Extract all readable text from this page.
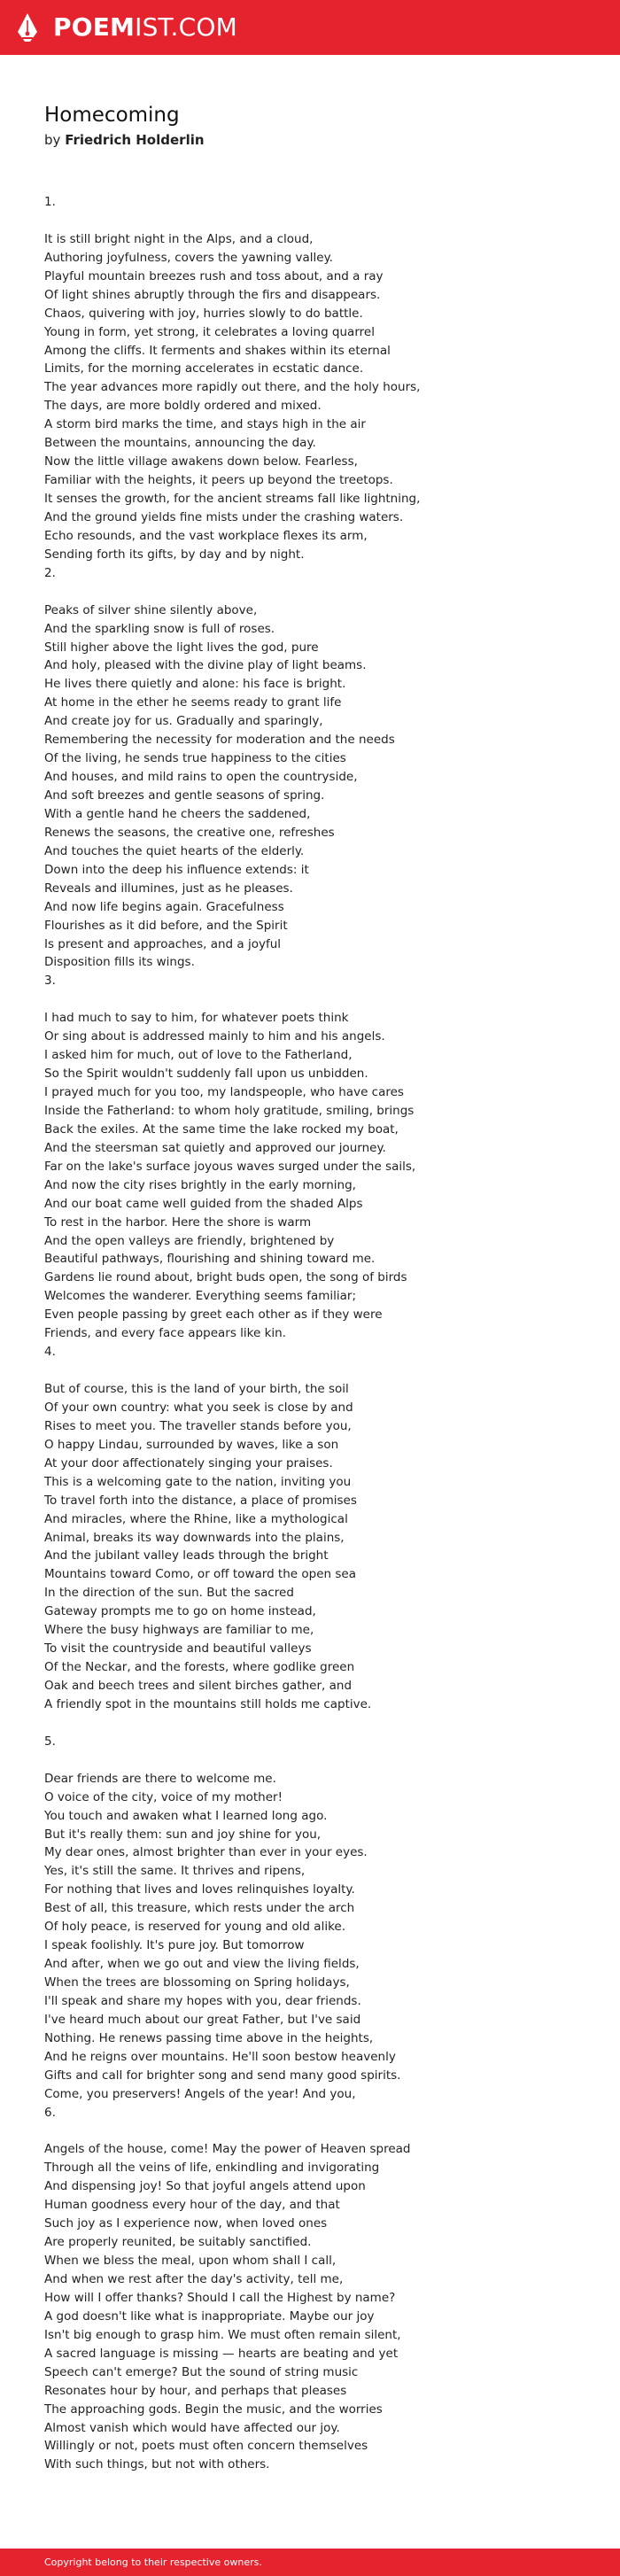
POEMIST.COM
Homecoming
by Friedrich Holderlin
1.
It is still bright night in the Alps, and a cloud,
Authoring joyfulness, covers the yawning valley.
Playful mountain breezes rush and toss about, and a ray
Of light shines abruptly through the firs and disappears.
Chaos, quivering with joy, hurries slowly to do battle.
Young in form, yet strong, it celebrates a loving quarrel
Among the cliffs. It ferments and shakes within its eternal
Limits, for the morning accelerates in ecstatic dance.
The year advances more rapidly out there, and the holy hours,
The days, are more boldly ordered and mixed.
A storm bird marks the time, and stays high in the air
Between the mountains, announcing the day.
Now the little village awakens down below. Fearless,
Familiar with the heights, it peers up beyond the treetops.
It senses the growth, for the ancient streams fall like lightning,
And the ground yields fine mists under the crashing waters.
Echo resounds, and the vast workplace flexes its arm,
Sending forth its gifts, by day and by night.
2.
Peaks of silver shine silently above,
And the sparkling snow is full of roses.
Still higher above the light lives the god, pure
And holy, pleased with the divine play of light beams.
He lives there quietly and alone: his face is bright.
At home in the ether he seems ready to grant life
And create joy for us. Gradually and sparingly,
Remembering the necessity for moderation and the needs
Of the living, he sends true happiness to the cities
And houses, and mild rains to open the countryside,
And soft breezes and gentle seasons of spring.
With a gentle hand he cheers the saddened,
Renews the seasons, the creative one, refreshes
And touches the quiet hearts of the elderly.
Down into the deep his influence extends: it
Reveals and illumines, just as he pleases.
And now life begins again. Gracefulness
Flourishes as it did before, and the Spirit
Is present and approaches, and a joyful
Disposition fills its wings.
3.
I had much to say to him, for whatever poets think
Or sing about is addressed mainly to him and his angels.
I asked him for much, out of love to the Fatherland,
So the Spirit wouldn't suddenly fall upon us unbidden.
I prayed much for you too, my landspeople, who have cares
Inside the Fatherland: to whom holy gratitude, smiling, brings
Back the exiles. At the same time the lake rocked my boat,
And the steersman sat quietly and approved our journey.
Far on the lake's surface joyous waves surged under the sails,
And now the city rises brightly in the early morning,
And our boat came well guided from the shaded Alps
To rest in the harbor. Here the shore is warm
And the open valleys are friendly, brightened by
Beautiful pathways, flourishing and shining toward me.
Gardens lie round about, bright buds open, the song of birds
Welcomes the wanderer. Everything seems familiar;
Even people passing by greet each other as if they were
Friends, and every face appears like kin.
4.
But of course, this is the land of your birth, the soil
Of your own country: what you seek is close by and
Rises to meet you. The traveller stands before you,
O happy Lindau, surrounded by waves, like a son
At your door affectionately singing your praises.
This is a welcoming gate to the nation, inviting you
To travel forth into the distance, a place of promises
And miracles, where the Rhine, like a mythological
Animal, breaks its way downwards into the plains,
And the jubilant valley leads through the bright
Mountains toward Como, or off toward the open sea
In the direction of the sun. But the sacred
Gateway prompts me to go on home instead,
Where the busy highways are familiar to me,
To visit the countryside and beautiful valleys
Of the Neckar, and the forests, where godlike green
Oak and beech trees and silent birches gather, and
A friendly spot in the mountains still holds me captive.
5.
Dear friends are there to welcome me.
O voice of the city, voice of my mother!
You touch and awaken what I learned long ago.
But it's really them: sun and joy shine for you,
My dear ones, almost brighter than ever in your eyes.
Yes, it's still the same. It thrives and ripens,
For nothing that lives and loves relinquishes loyalty.
Best of all, this treasure, which rests under the arch
Of holy peace, is reserved for young and old alike.
I speak foolishly. It's pure joy. But tomorrow
And after, when we go out and view the living fields,
When the trees are blossoming on Spring holidays,
I'll speak and share my hopes with you, dear friends.
I've heard much about our great Father, but I've said
Nothing. He renews passing time above in the heights,
And he reigns over mountains. He'll soon bestow heavenly
Gifts and call for brighter song and send many good spirits.
Come, you preservers! Angels of the year! And you,
6.
Angels of the house, come! May the power of Heaven spread
Through all the veins of life, enkindling and invigorating
And dispensing joy! So that joyful angels attend upon
Human goodness every hour of the day, and that
Such joy as I experience now, when loved ones
Are properly reunited, be suitably sanctified.
When we bless the meal, upon whom shall I call,
And when we rest after the day's activity, tell me,
How will I offer thanks? Should I call the Highest by name?
A god doesn't like what is inappropriate. Maybe our joy
Isn't big enough to grasp him. We must often remain silent,
A sacred language is missing — hearts are beating and yet
Speech can't emerge? But the sound of string music
Resonates hour by hour, and perhaps that pleases
The approaching gods. Begin the music, and the worries
Almost vanish which would have affected our joy.
Willingly or not, poets must often concern themselves
With such things, but not with others.
Copyright belong to their respective owners.
